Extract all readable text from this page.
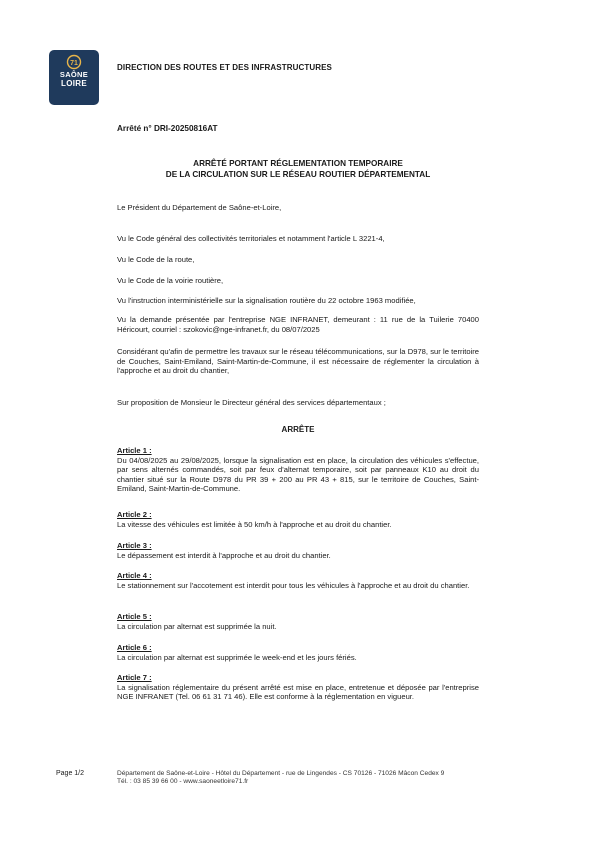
71
SAÔNE
LOIRE
DIRECTION DES ROUTES ET DES INFRASTRUCTURES
Arrêté n° DRI-20250816AT
ARRÊTÉ PORTANT RÉGLEMENTATION TEMPORAIRE
DE LA CIRCULATION SUR LE RÉSEAU ROUTIER DÉPARTEMENTAL

Le Président du Département de Saône-et-Loire,

Vu le Code général des collectivités territoriales et notamment l'article L 3221-4,

Vu le Code de la route,

Vu le Code de la voirie routière,

Vu l'instruction interministérielle sur la signalisation routière du 22 octobre 1963 modifiée,

Vu la demande présentée par l'entreprise NGE INFRANET, demeurant : 11 rue de la Tuilerie 70400 Héricourt, courriel : szokovic@nge-infranet.fr, du 08/07/2025

Considérant qu'afin de permettre les travaux sur le réseau télécommunications, sur la D978, sur le territoire de Couches, Saint-Emiland, Saint-Martin-de-Commune, il est nécessaire de réglementer la circulation à l'approche et au droit du chantier,

Sur proposition de Monsieur le Directeur général des services départementaux ;

ARRÊTE

Article 1 :
Du 04/08/2025 au 29/08/2025, lorsque la signalisation est en place, la circulation des véhicules s'effectue, par sens alternés commandés, soit par feux d'alternat temporaire, soit par panneaux K10 au droit du chantier situé sur la Route D978 du PR 39 + 200 au PR 43 + 815, sur le territoire de Couches, Saint-Emiland, Saint-Martin-de-Commune.

Article 2 :
La vitesse des véhicules est limitée à 50 km/h à l'approche et au droit du chantier.

Article 3 :
Le dépassement est interdit à l'approche et au droit du chantier.

Article 4 :
Le stationnement sur l'accotement est interdit pour tous les véhicules à l'approche et au droit du chantier.

Article 5 :
La circulation par alternat est supprimée la nuit.

Article 6 :
La circulation par alternat est supprimée le week-end et les jours fériés.

Article 7 :
La signalisation réglementaire du présent arrêté est mise en place, entretenue et déposée par l'entreprise NGE INFRANET (Tel. 06 61 31 71 46). Elle est conforme à la réglementation en vigueur.

Page 1/2	Département de Saône-et-Loire - Hôtel du Département - rue de Lingendes - CS 70126 - 71026 Mâcon Cedex 9
Tél. : 03 85 39 66 00 - www.saoneetloire71.fr
